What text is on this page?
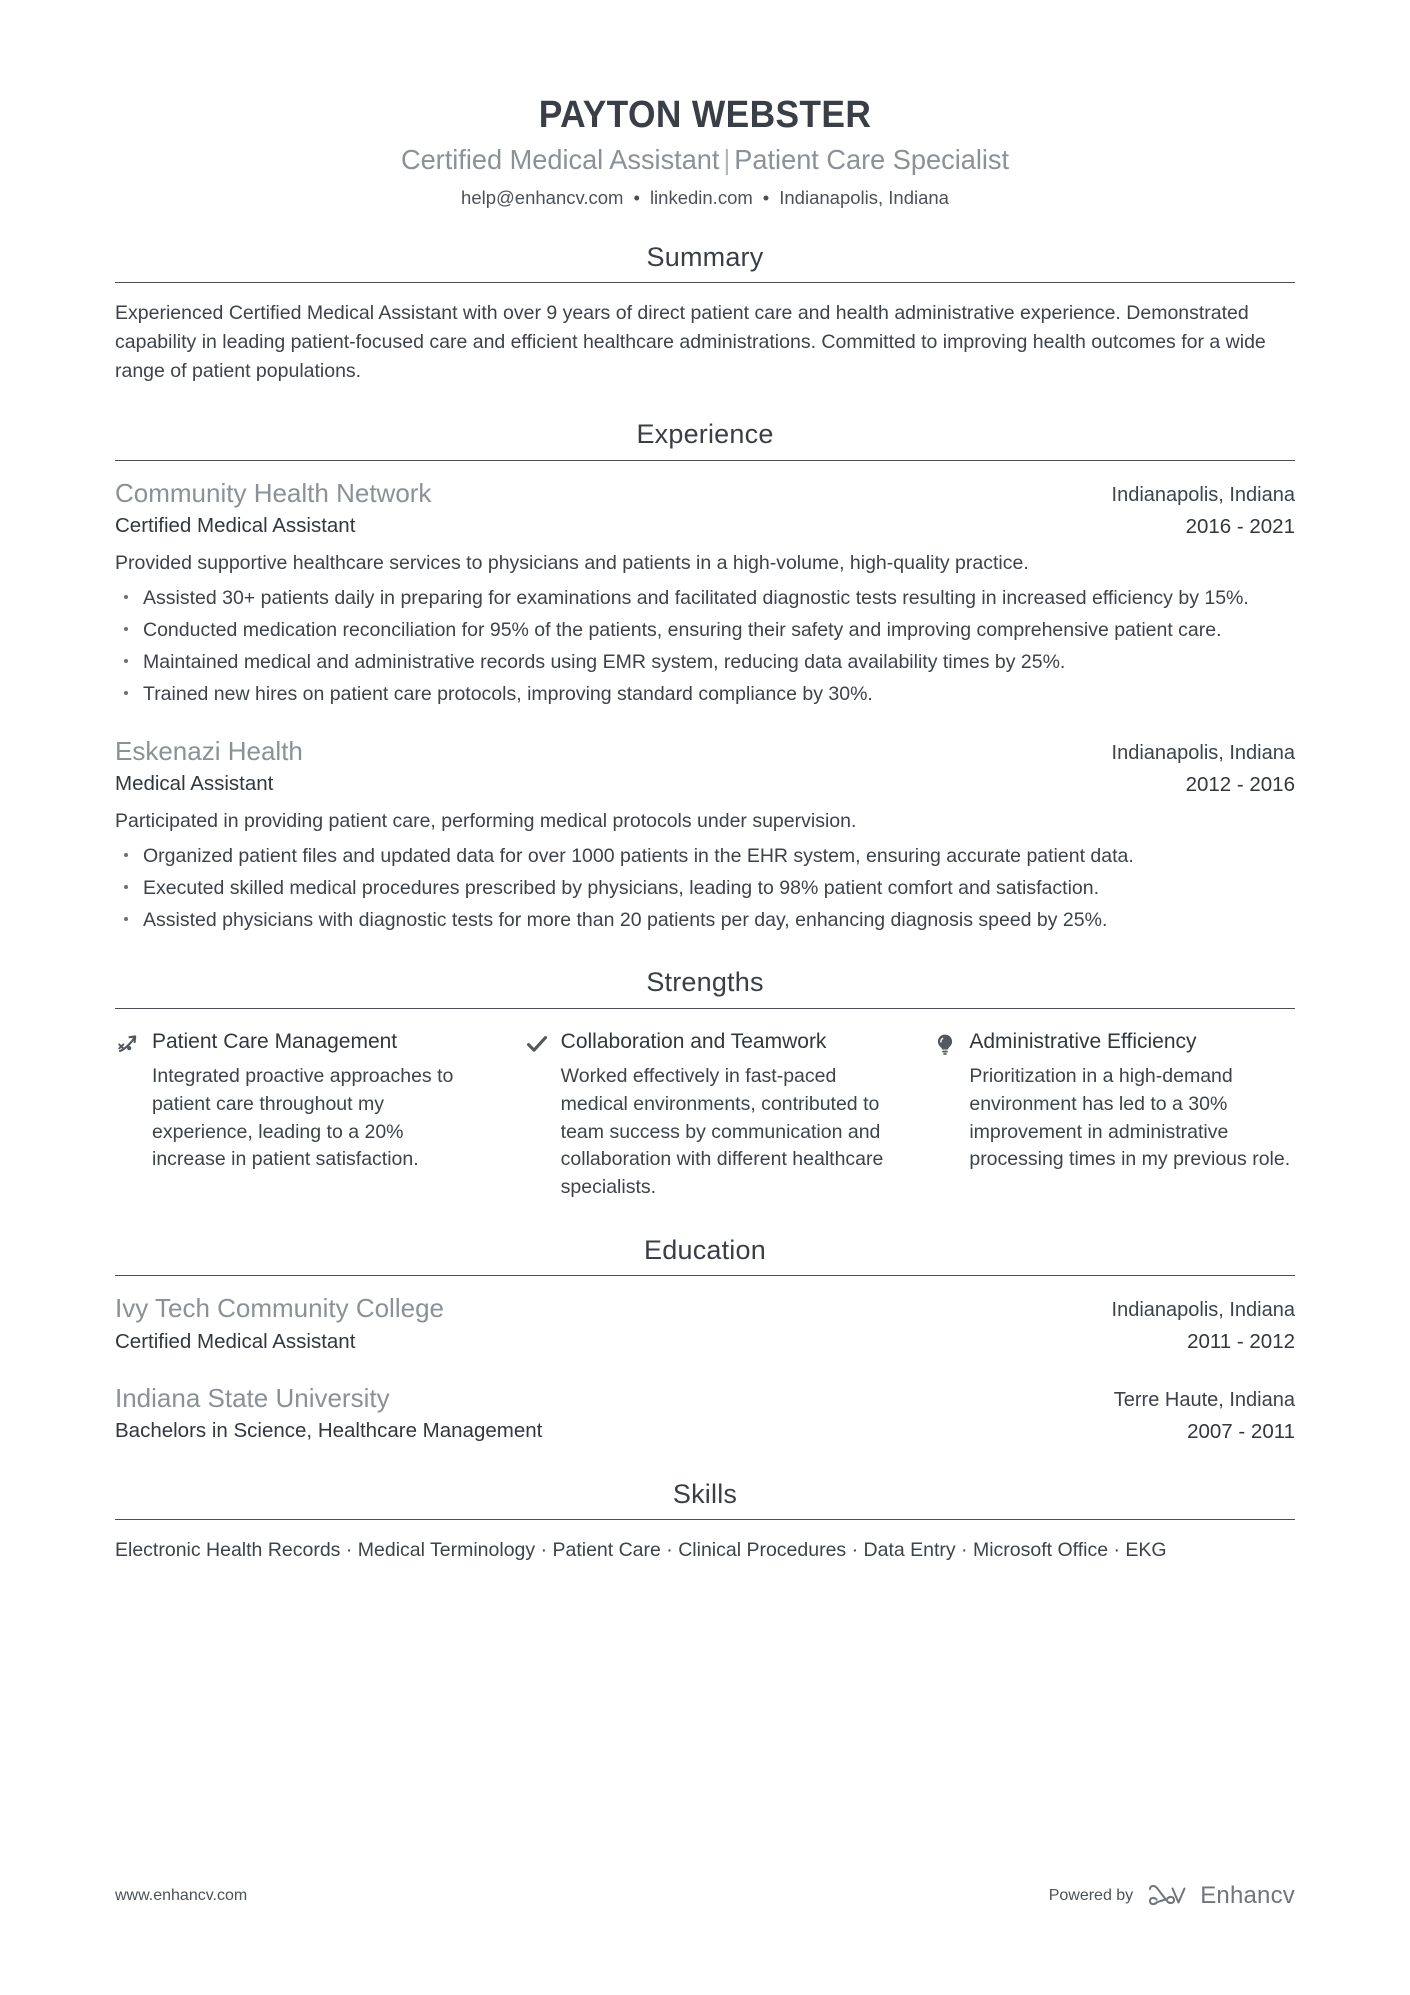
PAYTON WEBSTER
Certified Medical Assistant | Patient Care Specialist
help@enhancv.com • linkedin.com • Indianapolis, Indiana
Summary
Experienced Certified Medical Assistant with over 9 years of direct patient care and health administrative experience. Demonstrated capability in leading patient-focused care and efficient healthcare administrations. Committed to improving health outcomes for a wide range of patient populations.
Experience
Community Health Network
Certified Medical Assistant
Indianapolis, Indiana
2016 - 2021
Provided supportive healthcare services to physicians and patients in a high-volume, high-quality practice.
Assisted 30+ patients daily in preparing for examinations and facilitated diagnostic tests resulting in increased efficiency by 15%.
Conducted medication reconciliation for 95% of the patients, ensuring their safety and improving comprehensive patient care.
Maintained medical and administrative records using EMR system, reducing data availability times by 25%.
Trained new hires on patient care protocols, improving standard compliance by 30%.
Eskenazi Health
Medical Assistant
Indianapolis, Indiana
2012 - 2016
Participated in providing patient care, performing medical protocols under supervision.
Organized patient files and updated data for over 1000 patients in the EHR system, ensuring accurate patient data.
Executed skilled medical procedures prescribed by physicians, leading to 98% patient comfort and satisfaction.
Assisted physicians with diagnostic tests for more than 20 patients per day, enhancing diagnosis speed by 25%.
Strengths
Patient Care Management
Integrated proactive approaches to patient care throughout my experience, leading to a 20% increase in patient satisfaction.
Collaboration and Teamwork
Worked effectively in fast-paced medical environments, contributed to team success by communication and collaboration with different healthcare specialists.
Administrative Efficiency
Prioritization in a high-demand environment has led to a 30% improvement in administrative processing times in my previous role.
Education
Ivy Tech Community College
Certified Medical Assistant
Indianapolis, Indiana
2011 - 2012
Indiana State University
Bachelors in Science, Healthcare Management
Terre Haute, Indiana
2007 - 2011
Skills
Electronic Health Records · Medical Terminology · Patient Care · Clinical Procedures · Data Entry · Microsoft Office · EKG
www.enhancv.com	Powered by	Enhancv
